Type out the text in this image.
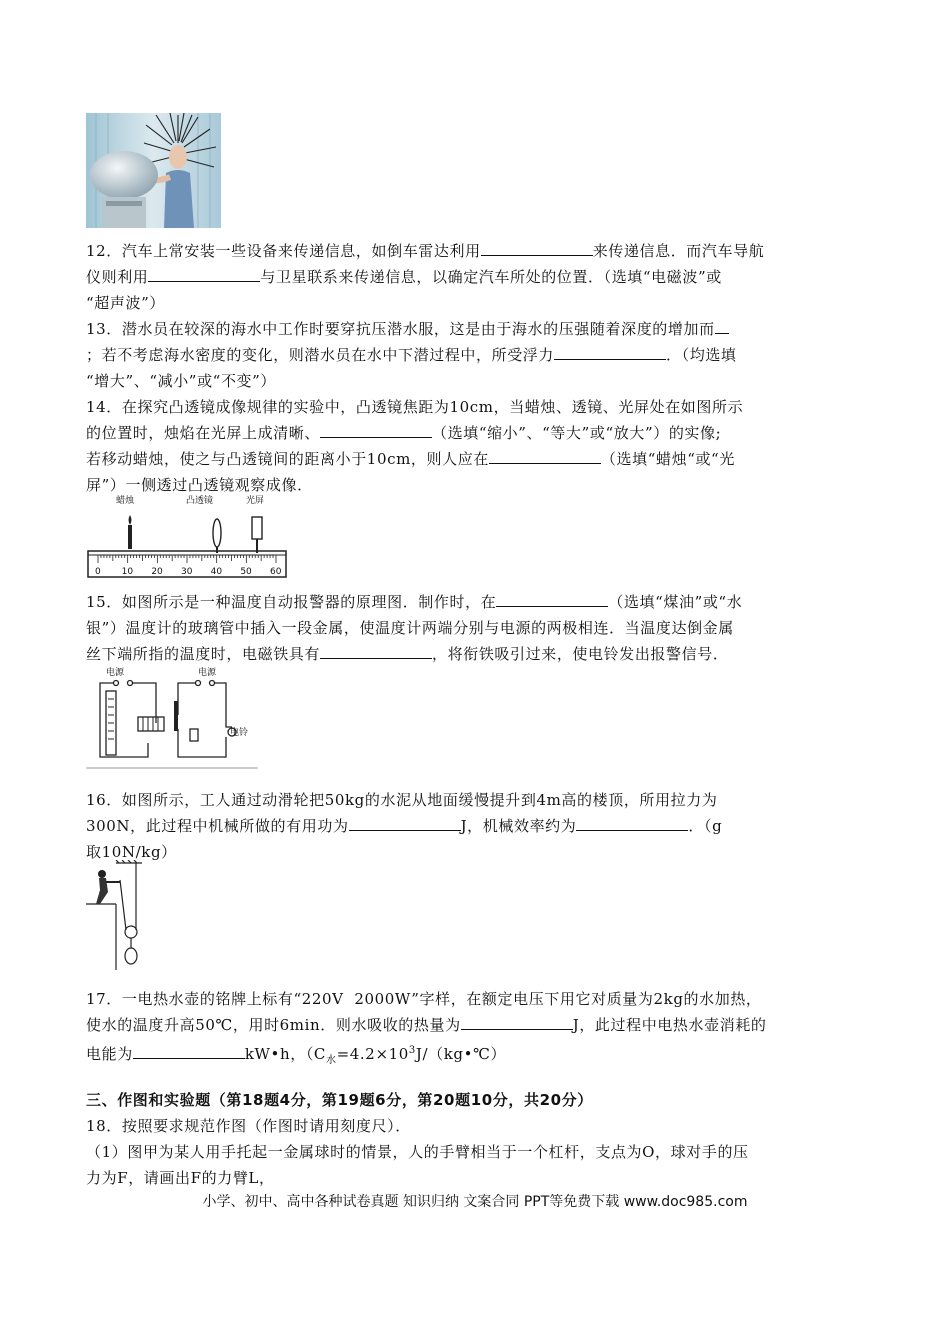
12．汽车上常安装一些设备来传递信息，如倒车雷达利用	来传递信息．而汽车导航
仪则利用	与卫星联系来传递信息，以确定汽车所处的位置．（选填“电磁波”或
“超声波”）
13．潜水员在较深的海水中工作时要穿抗压潜水服，这是由于海水的压强随着深度的增加而
；若不考虑海水密度的变化，则潜水员在水中下潜过程中，所受浮力	．（均选填
“增大”、“减小”或“不变”）
14．在探究凸透镜成像规律的实验中，凸透镜焦距为10cm，当蜡烛、透镜、光屏处在如图所示
的位置时，烛焰在光屏上成清晰、	（选填“缩小”、“等大”或“放大”）的实像;
若移动蜡烛，使之与凸透镜间的距离小于10cm，则人应在	（选填“蜡烛“或“光
屏”）一侧透过凸透镜观察成像．
蜡烛	凸透镜	光屏
0 10 20 30 40 50 60
15．如图所示是一种温度自动报警器的原理图．制作时，在	（选填“煤油”或“水
银”）温度计的玻璃管中插入一段金属，使温度计两端分别与电源的两极相连．当温度达倒金属
丝下端所指的温度时，电磁铁具有	，将衔铁吸引过来，使电铃发出报警信号．
电源	电源
电铃
16．如图所示，工人通过动滑轮把50kg的水泥从地面缓慢提升到4m高的楼顶，所用拉力为
300N，此过程中机械所做的有用功为	J，机械效率约为	．（g
取10N/kg）
17．一电热水壶的铭牌上标有“220V  2000W”字样，在额定电压下用它对质量为2kg的水加热，
使水的温度升高50℃，用时6min．则水吸收的热量为	J，此过程中电热水壶消耗的
电能为	kW•h，（$C_水=4.2\times 10^3J/(kg•℃)$
三、作图和实验题（第18题4分，第19题6分，第20题10分，共20分）
18．按照要求规范作图（作图时请用刻度尺）．
（1）图甲为某人用手托起一金属球时的情景，人的手臂相当于一个杠杆，支点为O，球对手的压
力为F，请画出F的力臂L，
小学、初中、高中各种试卷真题 知识归纳 文案合同 PPT等免费下载 www.doc985.com
